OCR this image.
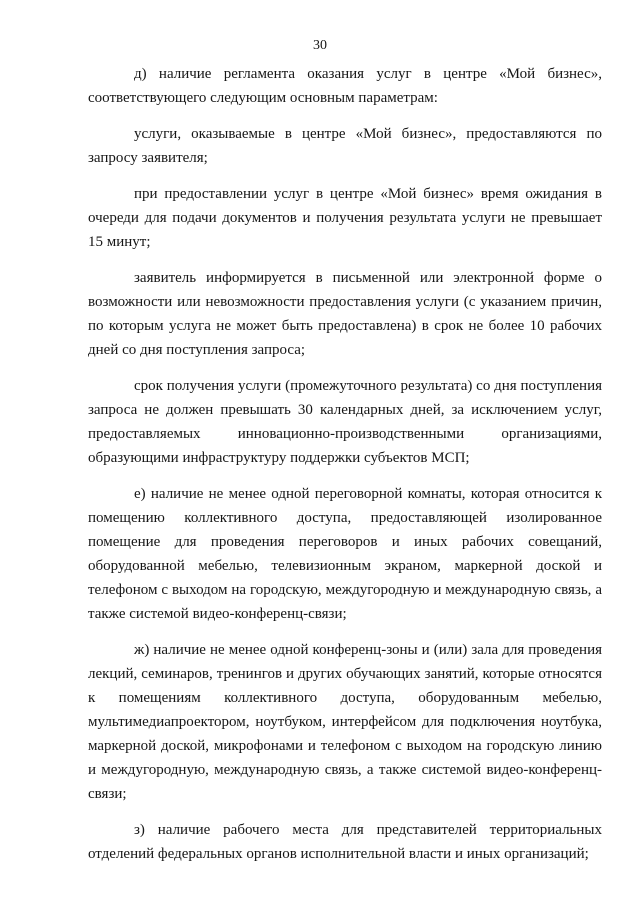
30

д) наличие регламента оказания услуг в центре «Мой бизнес», соответствующего следующим основным параметрам:

услуги, оказываемые в центре «Мой бизнес», предоставляются по запросу заявителя;

при предоставлении услуг в центре «Мой бизнес» время ожидания в очереди для подачи документов и получения результата услуги не превышает 15 минут;

заявитель информируется в письменной или электронной форме о возможности или невозможности предоставления услуги (с указанием причин, по которым услуга не может быть предоставлена) в срок не более 10 рабочих дней со дня поступления запроса;

срок получения услуги (промежуточного результата) со дня поступления запроса не должен превышать 30 календарных дней, за исключением услуг, предоставляемых инновационно-производственными организациями, образующими инфраструктуру поддержки субъектов МСП;

е) наличие не менее одной переговорной комнаты, которая относится к помещению коллективного доступа, предоставляющей изолированное помещение для проведения переговоров и иных рабочих совещаний, оборудованной мебелью, телевизионным экраном, маркерной доской и телефоном с выходом на городскую, междугородную и международную связь, а также системой видео-конференц-связи;

ж) наличие не менее одной конференц-зоны и (или) зала для проведения лекций, семинаров, тренингов и других обучающих занятий, которые относятся к помещениям коллективного доступа, оборудованным мебелью, мультимедиапроектором, ноутбуком, интерфейсом для подключения ноутбука, маркерной доской, микрофонами и телефоном с выходом на городскую линию и междугородную, международную связь, а также системой видео-конференц-связи;

з) наличие рабочего места для представителей территориальных отделений федеральных органов исполнительной власти и иных организаций;
